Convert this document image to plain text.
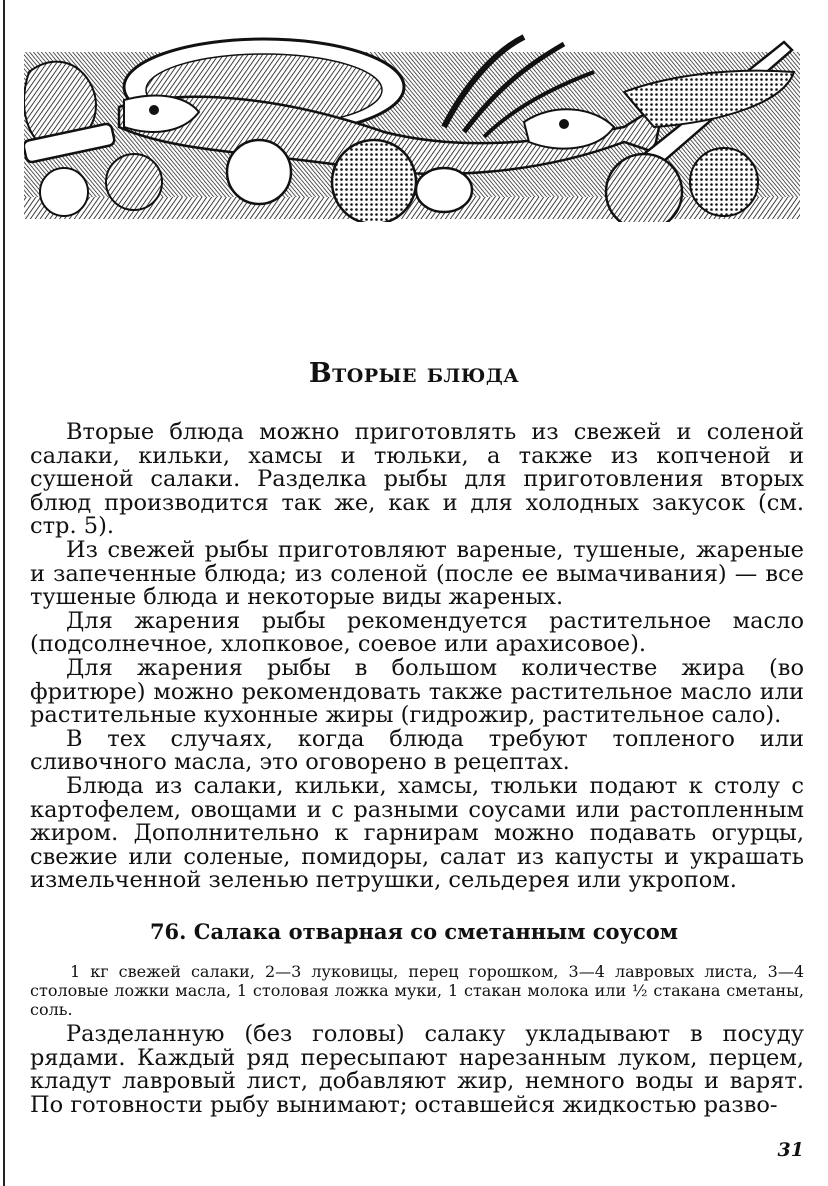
Вторые блюда

Вторые блюда можно приготовлять из свежей и соленой салаки, кильки, хамсы и тюльки, а также из копченой и сушеной салаки. Разделка рыбы для приготовления вторых блюд производится так же, как и для холодных закусок (см. стр. 5).

Из свежей рыбы приготовляют вареные, тушеные, жареные и запеченные блюда; из соленой (после ее вымачивания) — все тушеные блюда и некоторые виды жареных.

Для жарения рыбы рекомендуется растительное масло (подсолнечное, хлопковое, соевое или арахисовое).

Для жарения рыбы в большом количестве жира (во фритюре) можно рекомендовать также растительное масло или растительные кухонные жиры (гидрожир, растительное сало).

В тех случаях, когда блюда требуют топленого или сливочного масла, это оговорено в рецептах.

Блюда из салаки, кильки, хамсы, тюльки подают к столу с картофелем, овощами и с разными соусами или растопленным жиром. Дополнительно к гарнирам можно подавать огурцы, свежие или соленые, помидоры, салат из капусты и украшать измельченной зеленью петрушки, сельдерея или укропом.

76. Салака отварная со сметанным соусом

1 кг свежей салаки, 2—3 луковицы, перец горошком, 3—4 лавровых листа, 3—4 столовые ложки масла, 1 столовая ложка муки, 1 стакан молока или ½ стакана сметаны, соль.

Разделанную (без головы) салаку укладывают в посуду рядами. Каждый ряд пересыпают нарезанным луком, перцем, кладут лавровый лист, добавляют жир, немного воды и варят. По готовности рыбу вынимают; оставшейся жидкостью разво-

31
